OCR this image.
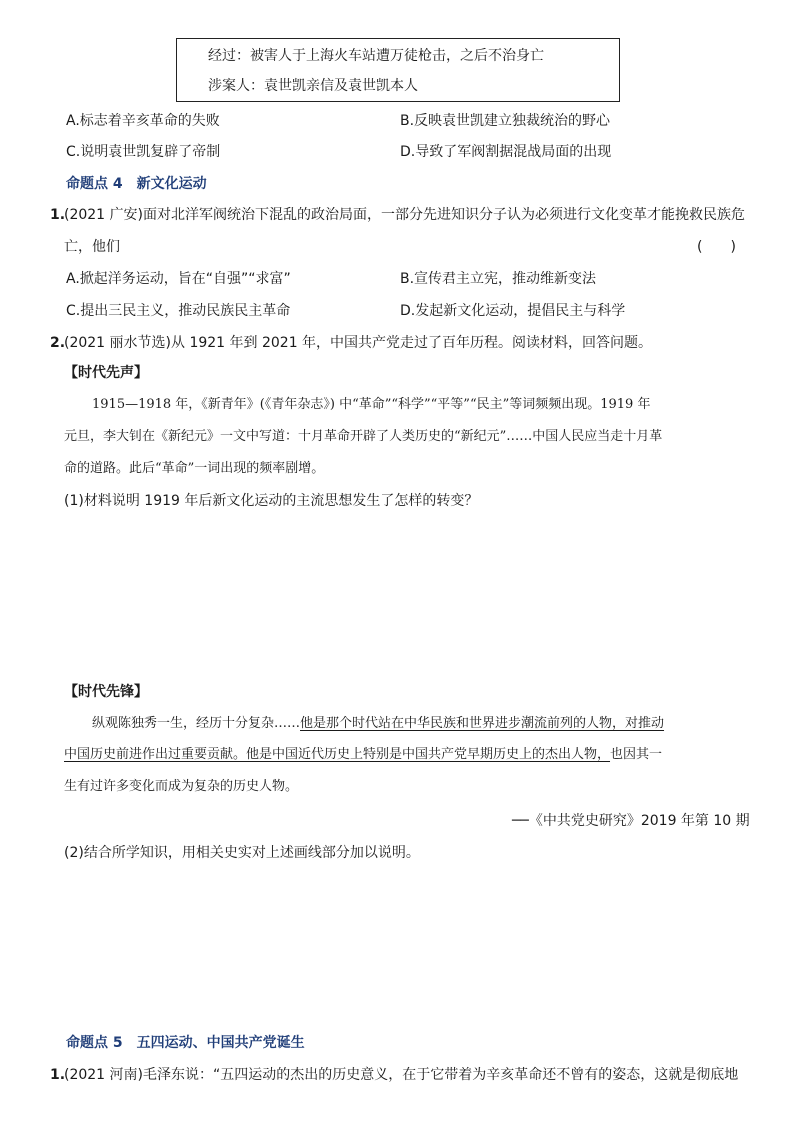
经过：被害人于上海火车站遭万徒枪击，之后不治身亡
涉案人：袁世凯亲信及袁世凯本人
A.标志着辛亥革命的失败	B.反映袁世凯建立独裁统治的野心
C.说明袁世凯复辟了帝制	D.导致了军阀割据混战局面的出现
命题点 4　新文化运动
1.
(2021 广安)面对北洋军阀统治下混乱的政治局面，一部分先进知识分子认为必须进行文化变革才能挽救民族危
亡，他们	(　　)
A.掀起洋务运动，旨在“自强”“求富”	B.宣传君主立宪，推动维新变法
C.提出三民主义，推动民族民主革命	D.发起新文化运动，提倡民主与科学
2.
(2021 丽水节选)从 1921 年到 2021 年，中国共产党走过了百年历程。阅读材料，回答问题。
【时代先声】
1915—1918 年，《新青年》(《青年杂志》) 中“革命”“科学”“平等”“民主”等词频频出现。1919 年
元旦，李大钊在《新纪元》一文中写道：十月革命开辟了人类历史的“新纪元”……中国人民应当走十月革
命的道路。此后“革命”一词出现的频率剧增。
(1)材料说明 1919 年后新文化运动的主流思想发生了怎样的转变？
【时代先锋】
纵观陈独秀一生，经历十分复杂……他是那个时代站在中华民族和世界进步潮流前列的人物，对推动
中国历史前进作出过重要贡献。他是中国近代历史上特别是中国共产党早期历史上的杰出人物，也因其一
生有过许多变化而成为复杂的历史人物。
──《中共党史研究》2019 年第 10 期
(2)结合所学知识，用相关史实对上述画线部分加以说明。
命题点 5　五四运动、中国共产党诞生
1.
(2021 河南)毛泽东说：“五四运动的杰出的历史意义，在于它带着为辛亥革命还不曾有的姿态，这就是彻底地
